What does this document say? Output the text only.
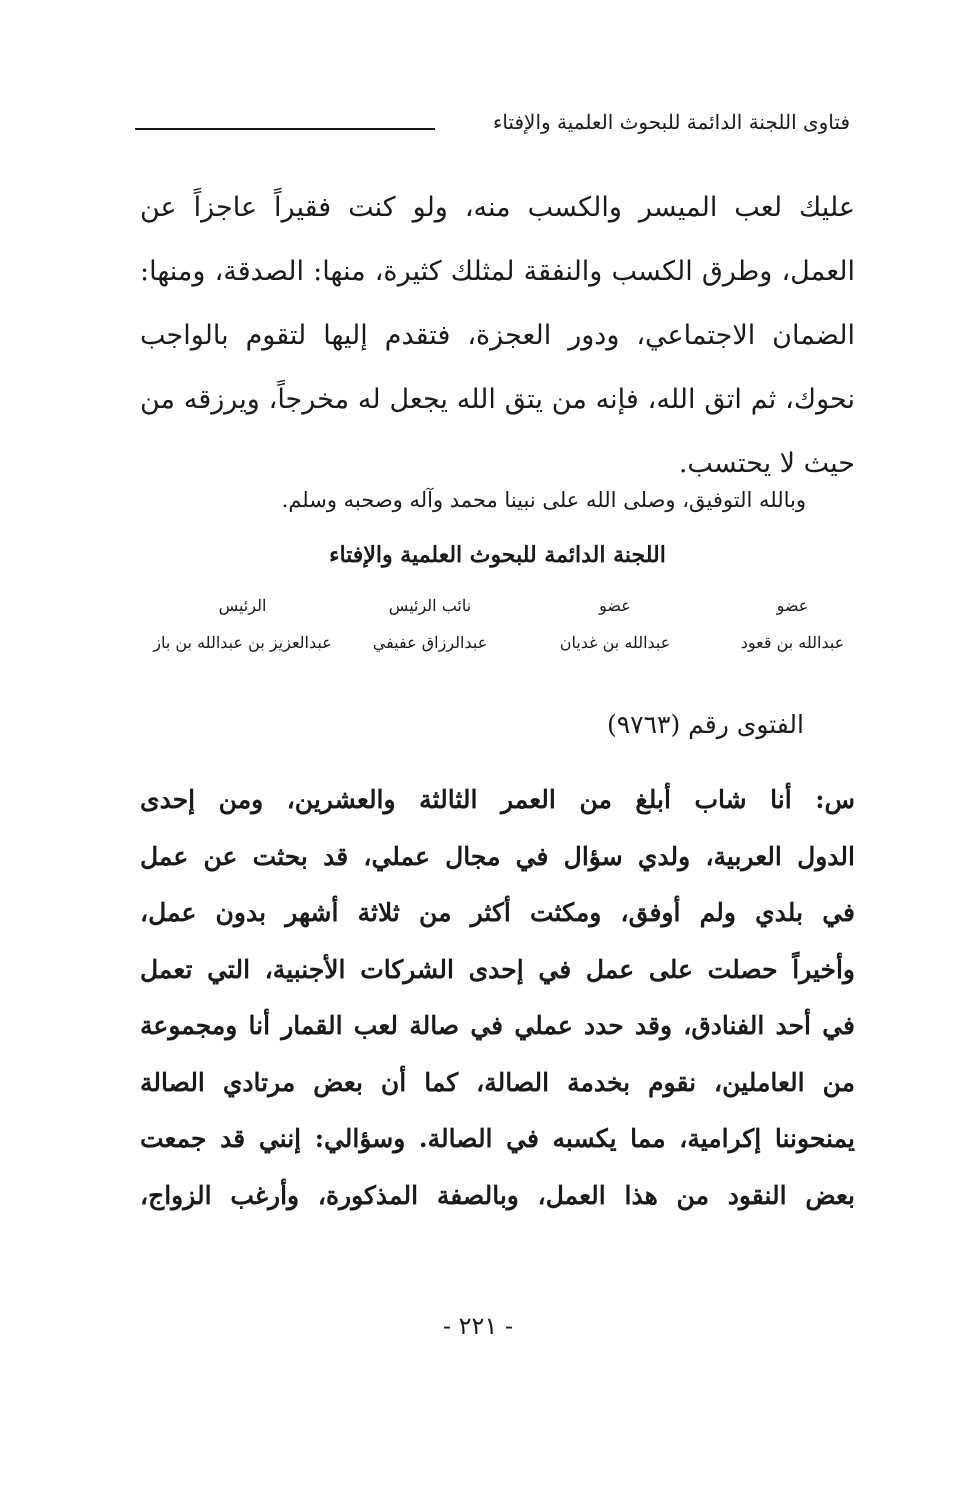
فتاوى اللجنة الدائمة للبحوث العلمية والإفتاء
عليك لعب الميسر والكسب منه، ولو كنت فقيراً عاجزاً عن
العمل، وطرق الكسب والنفقة لمثلك كثيرة، منها: الصدقة، ومنها:
الضمان الاجتماعي، ودور العجزة، فتقدم إليها لتقوم بالواجب
نحوك، ثم اتق الله، فإنه من يتق الله يجعل له مخرجاً، ويرزقه من
حيث لا يحتسب.
وبالله التوفيق، وصلى الله على نبينا محمد وآله وصحبه وسلم.
اللجنة الدائمة للبحوث العلمية والإفتاء
عضو
عبدالله بن قعود
عضو
عبدالله بن غديان
نائب الرئيس
عبدالرزاق عفيفي
الرئيس
عبدالعزيز بن عبدالله بن باز
الفتوى رقم (٩٧٦٣)
س: أنا شاب أبلغ من العمر الثالثة والعشرين، ومن إحدى
الدول العربية، ولدي سؤال في مجال عملي، قد بحثت عن عمل
في بلدي ولم أوفق، ومكثت أكثر من ثلاثة أشهر بدون عمل،
وأخيراً حصلت على عمل في إحدى الشركات الأجنبية، التي تعمل
في أحد الفنادق، وقد حدد عملي في صالة لعب القمار أنا ومجموعة
من العاملين، نقوم بخدمة الصالة، كما أن بعض مرتادي الصالة
يمنحوننا إكرامية، مما يكسبه في الصالة. وسؤالي: إنني قد جمعت
بعض النقود من هذا العمل، وبالصفة المذكورة، وأرغب الزواج،
- ٢٢١ -
